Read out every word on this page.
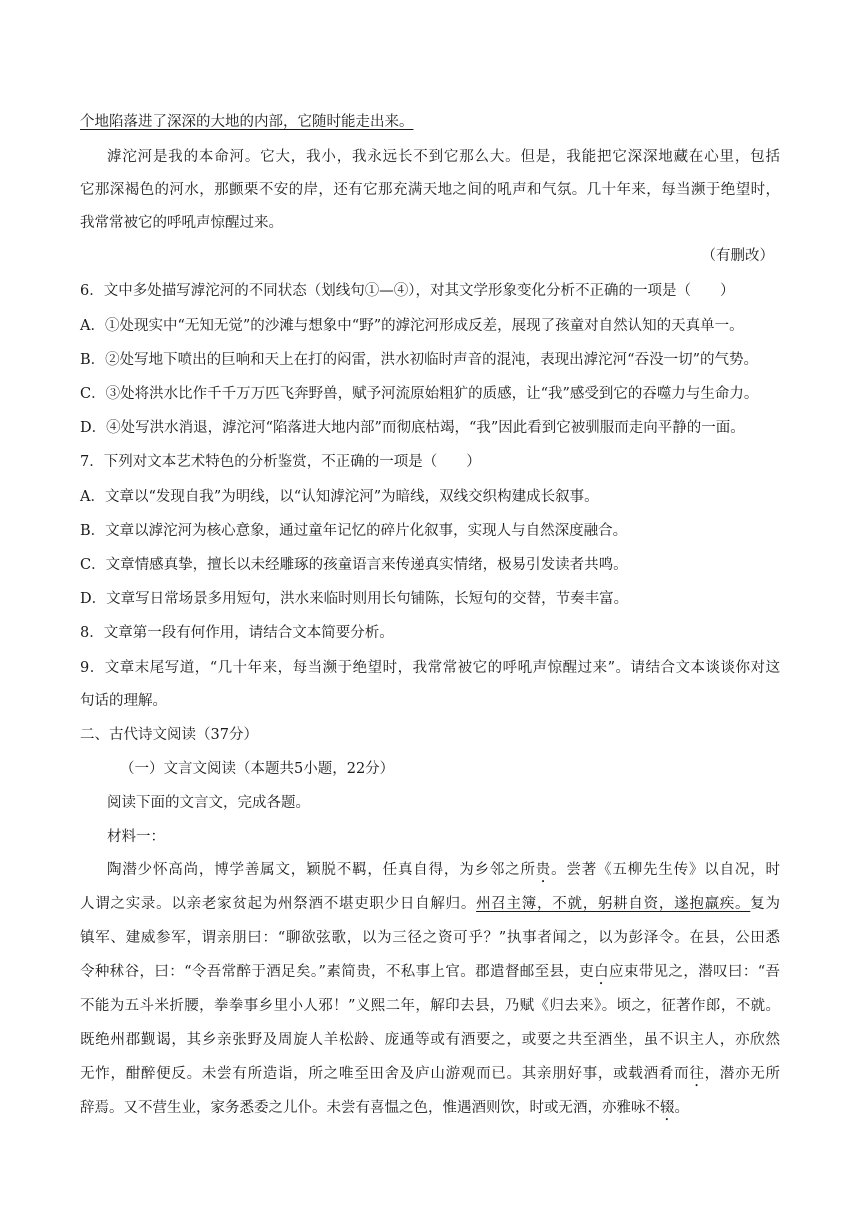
个地陷落进了深深的大地的内部，它随时能走出来。
滹沱河是我的本命河。它大，我小，我永远长不到它那么大。但是，我能把它深深地藏在心里，包括
它那深褐色的河水，那颤栗不安的岸，还有它那充满天地之间的吼声和气氛。几十年来，每当濒于绝望时，
我常常被它的呼吼声惊醒过来。
（有删改）
6．文中多处描写滹沱河的不同状态（划线句①—④），对其文学形象变化分析不正确的一项是（　　）
A．①处现实中“无知无觉”的沙滩与想象中“野”的滹沱河形成反差，展现了孩童对自然认知的天真单一。
B．②处写地下喷出的巨响和天上在打的闷雷，洪水初临时声音的混沌，表现出滹沱河“吞没一切”的气势。
C．③处将洪水比作千千万万匹飞奔野兽，赋予河流原始粗犷的质感，让“我”感受到它的吞噬力与生命力。
D．④处写洪水消退，滹沱河“陷落进大地内部”而彻底枯竭，“我”因此看到它被驯服而走向平静的一面。
7．下列对文本艺术特色的分析鉴赏，不正确的一项是（　　）
A．文章以“发现自我”为明线，以“认知滹沱河”为暗线，双线交织构建成长叙事。
B．文章以滹沱河为核心意象，通过童年记忆的碎片化叙事，实现人与自然深度融合。
C．文章情感真挚，擅长以未经雕琢的孩童语言来传递真实情绪，极易引发读者共鸣。
D．文章写日常场景多用短句，洪水来临时则用长句铺陈，长短句的交替，节奏丰富。
8．文章第一段有何作用，请结合文本简要分析。
9．文章末尾写道，“几十年来，每当濒于绝望时，我常常被它的呼吼声惊醒过来”。请结合文本谈谈你对这
句话的理解。
二、古代诗文阅读（37分）
（一）文言文阅读（本题共5小题，22分）
阅读下面的文言文，完成各题。
材料一：
陶潜少怀高尚，博学善属文，颖脱不羁，任真自得，为乡邻之所贵。尝著《五柳先生传》以自况，时
人谓之实录。以亲老家贫起为州祭酒不堪吏职少日自解归。州召主簿，不就，躬耕自资，遂抱羸疾。复为
镇军、建威参军，谓亲朋曰：“聊欲弦歌，以为三径之资可乎？”执事者闻之，以为彭泽令。在县，公田悉
令种秫谷，曰：“令吾常醉于酒足矣。”素简贵，不私事上官。郡遣督邮至县，吏白应束带见之，潜叹曰：“吾
不能为五斗米折腰，拳拳事乡里小人邪！”义熙二年，解印去县，乃赋《归去来》。顷之，征著作郎，不就。
既绝州郡觐谒，其乡亲张野及周旋人羊松龄、庞通等或有酒要之，或要之共至酒坐，虽不识主人，亦欣然
无怍，酣醉便反。未尝有所造诣，所之唯至田舍及庐山游观而已。其亲朋好事，或载酒肴而往，潜亦无所
辞焉。又不营生业，家务悉委之儿仆。未尝有喜愠之色，惟遇酒则饮，时或无酒，亦雅咏不辍。
